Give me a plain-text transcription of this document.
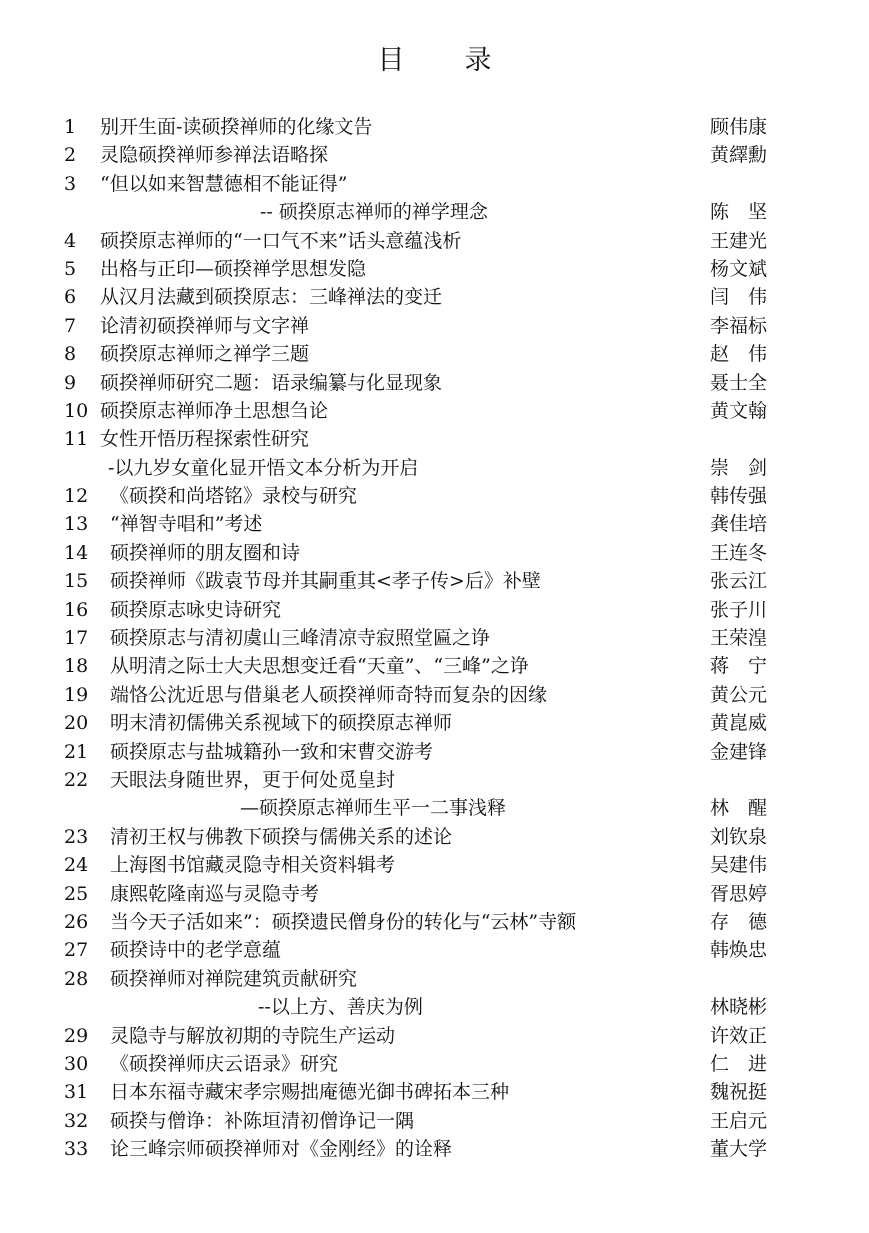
目 录
1 别开生面-读硕揆禅师的化缘文告	顾伟康
2 灵隐硕揆禅师参禅法语略探	黄繹勳
3 “但以如来智慧德相不能证得”
-- 硕揆原志禅师的禅学理念	陈　坚
4 硕揆原志禅师的“一口气不来”话头意蕴浅析	王建光
5 出格与正印—硕揆禅学思想发隐	杨文斌
6 从汉月法藏到硕揆原志：三峰禅法的变迁	闫　伟
7 论清初硕揆禅师与文字禅	李福标
8 硕揆原志禅师之禅学三题	赵　伟
9 硕揆禅师研究二题：语录编纂与化显现象	聂士全
10 硕揆原志禅师净土思想刍论	黄文翰
11 女性开悟历程探索性研究
-以九岁女童化显开悟文本分析为开启	崇　剑
12 《硕揆和尚塔铭》录校与研究	韩传强
13 “禅智寺唱和”考述	龚佳培
14 硕揆禅师的朋友圈和诗	王连冬
15 硕揆禅师《跋袁节母并其嗣重其<孝子传>后》补壁	张云江
16 硕揆原志咏史诗研究	张子川
17 硕揆原志与清初虞山三峰清凉寺寂照堂匾之诤	王荣湟
18 从明清之际士大夫思想变迁看“天童”、“三峰”之诤	蒋　宁
19 端恪公沈近思与借巢老人硕揆禅师奇特而复杂的因缘	黄公元
20 明末清初儒佛关系视域下的硕揆原志禅师	黄崑威
21 硕揆原志与盐城籍孙一致和宋曹交游考	金建锋
22 天眼法身随世界，更于何处觅皇封
—硕揆原志禅师生平一二事浅释	林　醒
23 清初王权与佛教下硕揆与儒佛关系的述论	刘钦泉
24 上海图书馆藏灵隐寺相关资料辑考	吴建伟
25 康熙乾隆南巡与灵隐寺考	胥思婷
26 当今天子活如来”：硕揆遗民僧身份的转化与“云林”寺额	存　德
27 硕揆诗中的老学意蕴	韩焕忠
28 硕揆禅师对禅院建筑贡献研究
--以上方、善庆为例	林晓彬
29 灵隐寺与解放初期的寺院生产运动	许效正
30 《硕揆禅师庆云语录》研究	仁　进
31 日本东福寺藏宋孝宗赐拙庵德光御书碑拓本三种	魏祝挺
32 硕揆与僧诤：补陈垣清初僧诤记一隅	王启元
33 论三峰宗师硕揆禅师对《金刚经》的诠释	董大学
